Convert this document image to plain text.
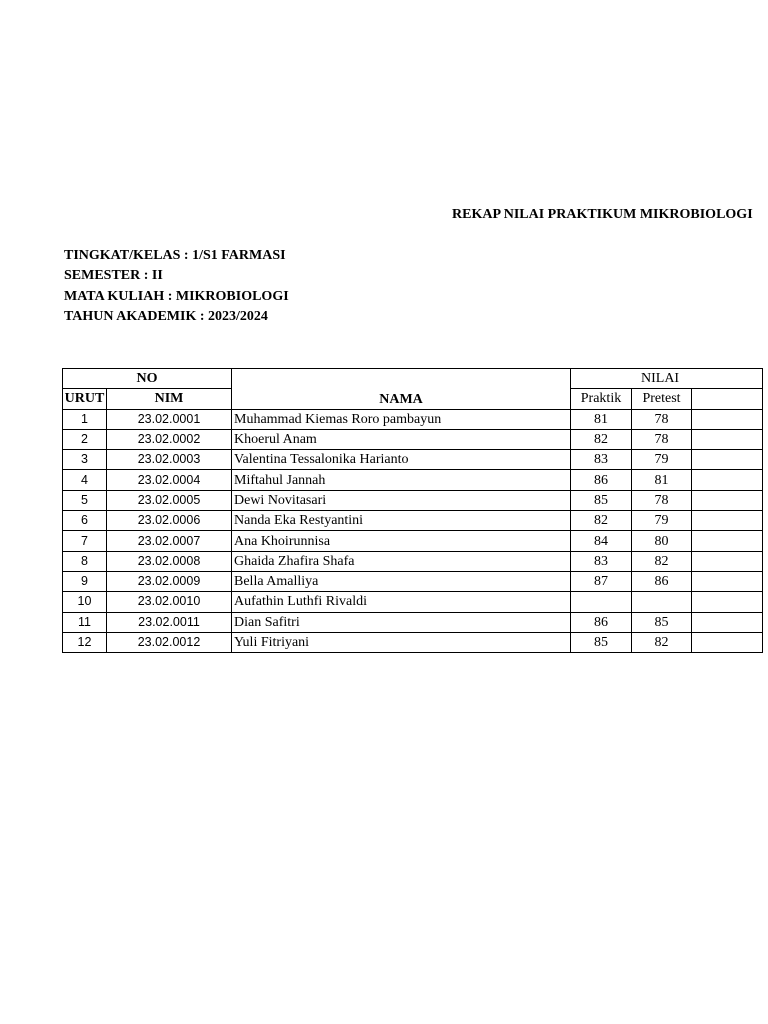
REKAP NILAI PRAKTIKUM MIKROBIOLOGI
TINGKAT/KELAS : 1/S1 FARMASI
SEMESTER : II
MATA KULIAH : MIKROBIOLOGI
TAHUN AKADEMIK : 2023/2024
NO		NAMA	NILAI		
URUT	NIM		Praktik	Pretest	
1	23.02.0001	Muhammad Kiemas Roro pambayun	81	78	
2	23.02.0002	Khoerul Anam	82	78	
3	23.02.0003	Valentina Tessalonika Harianto	83	79	
4	23.02.0004	Miftahul Jannah	86	81	
5	23.02.0005	Dewi Novitasari	85	78	
6	23.02.0006	Nanda Eka Restyantini	82	79	
7	23.02.0007	Ana Khoirunnisa	84	80	
8	23.02.0008	Ghaida Zhafira Shafa	83	82	
9	23.02.0009	Bella Amalliya	87	86	
10	23.02.0010	Aufathin Luthfi Rivaldi			
11	23.02.0011	Dian Safitri	86	85	
12	23.02.0012	Yuli Fitriyani	85	82	
